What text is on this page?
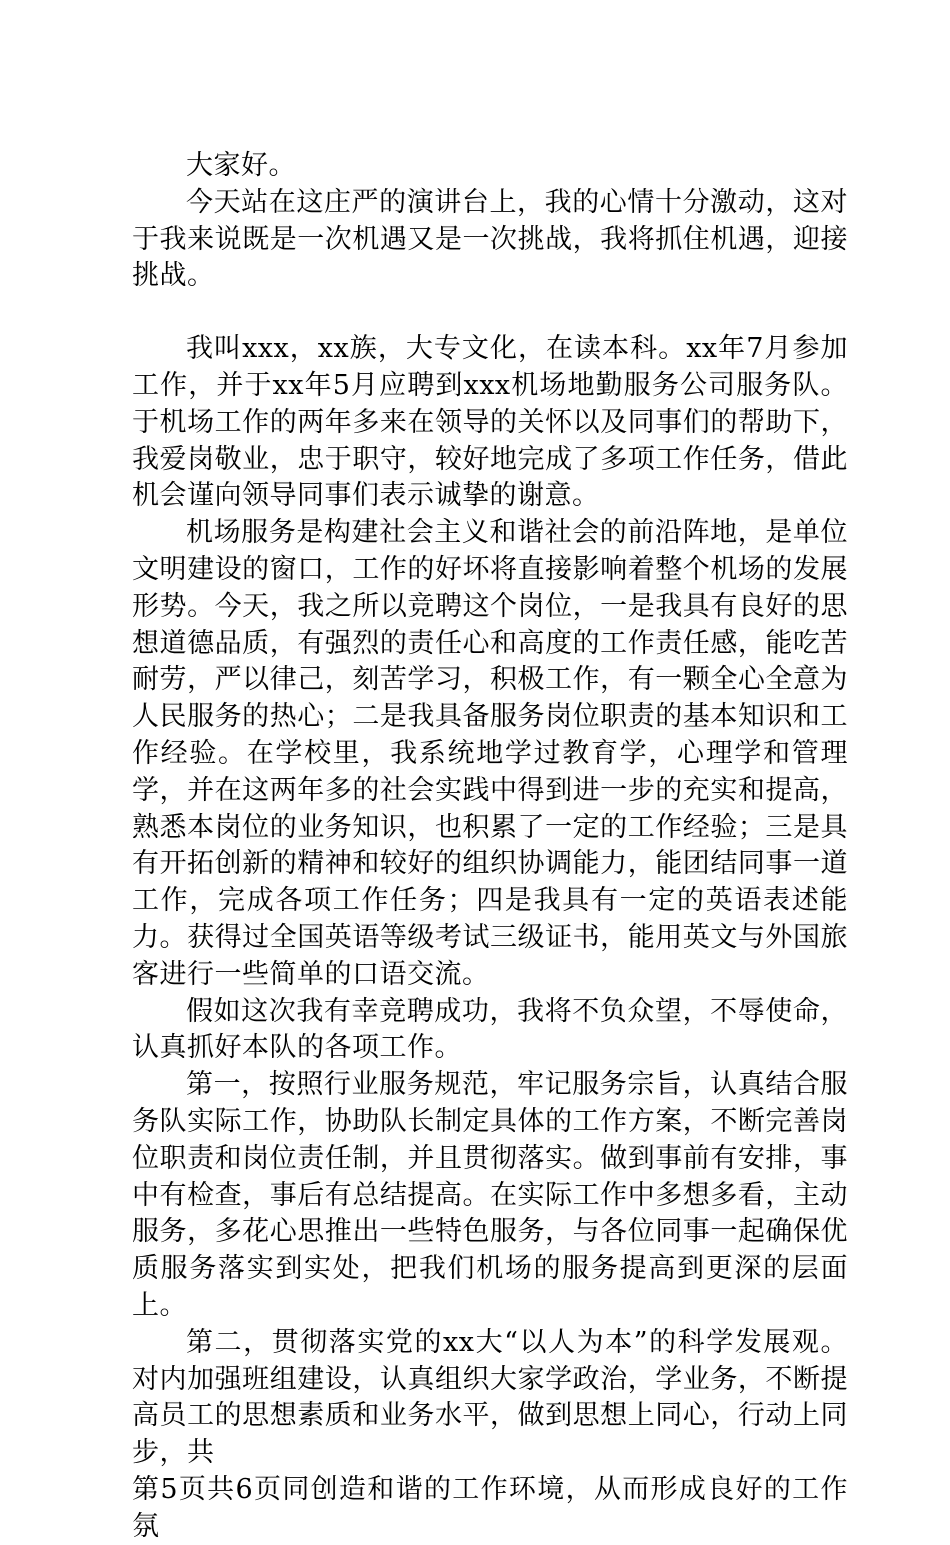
大家好。

今天站在这庄严的演讲台上，我的心情十分激动，这对于我来说既是一次机遇又是一次挑战，我将抓住机遇，迎接挑战。

我叫xxx，xx族，大专文化，在读本科。xx年7月参加工作，并于xx年5月应聘到xxx机场地勤服务公司服务队。于机场工作的两年多来在领导的关怀以及同事们的帮助下，我爱岗敬业，忠于职守，较好地完成了多项工作任务，借此机会谨向领导同事们表示诚挚的谢意。

机场服务是构建社会主义和谐社会的前沿阵地，是单位文明建设的窗口，工作的好坏将直接影响着整个机场的发展形势。今天，我之所以竞聘这个岗位，一是我具有良好的思想道德品质，有强烈的责任心和高度的工作责任感，能吃苦耐劳，严以律己，刻苦学习，积极工作，有一颗全心全意为人民服务的热心；二是我具备服务岗位职责的基本知识和工作经验。在学校里，我系统地学过教育学，心理学和管理学，并在这两年多的社会实践中得到进一步的充实和提高，熟悉本岗位的业务知识，也积累了一定的工作经验；三是具有开拓创新的精神和较好的组织协调能力，能团结同事一道工作，完成各项工作任务；四是我具有一定的英语表述能力。获得过全国英语等级考试三级证书，能用英文与外国旅客进行一些简单的口语交流。

假如这次我有幸竞聘成功，我将不负众望，不辱使命，认真抓好本队的各项工作。

第一，按照行业服务规范，牢记服务宗旨，认真结合服务队实际工作，协助队长制定具体的工作方案，不断完善岗位职责和岗位责任制，并且贯彻落实。做到事前有安排，事中有检查，事后有总结提高。在实际工作中多想多看，主动服务，多花心思推出一些特色服务，与各位同事一起确保优质服务落实到实处，把我们机场的服务提高到更深的层面上。

第二，贯彻落实党的xx大“以人为本”的科学发展观。对内加强班组建设，认真组织大家学政治，学业务，不断提高员工的思想素质和业务水平，做到思想上同心，行动上同步，共

第5页共6页同创造和谐的工作环境，从而形成良好的工作氛
